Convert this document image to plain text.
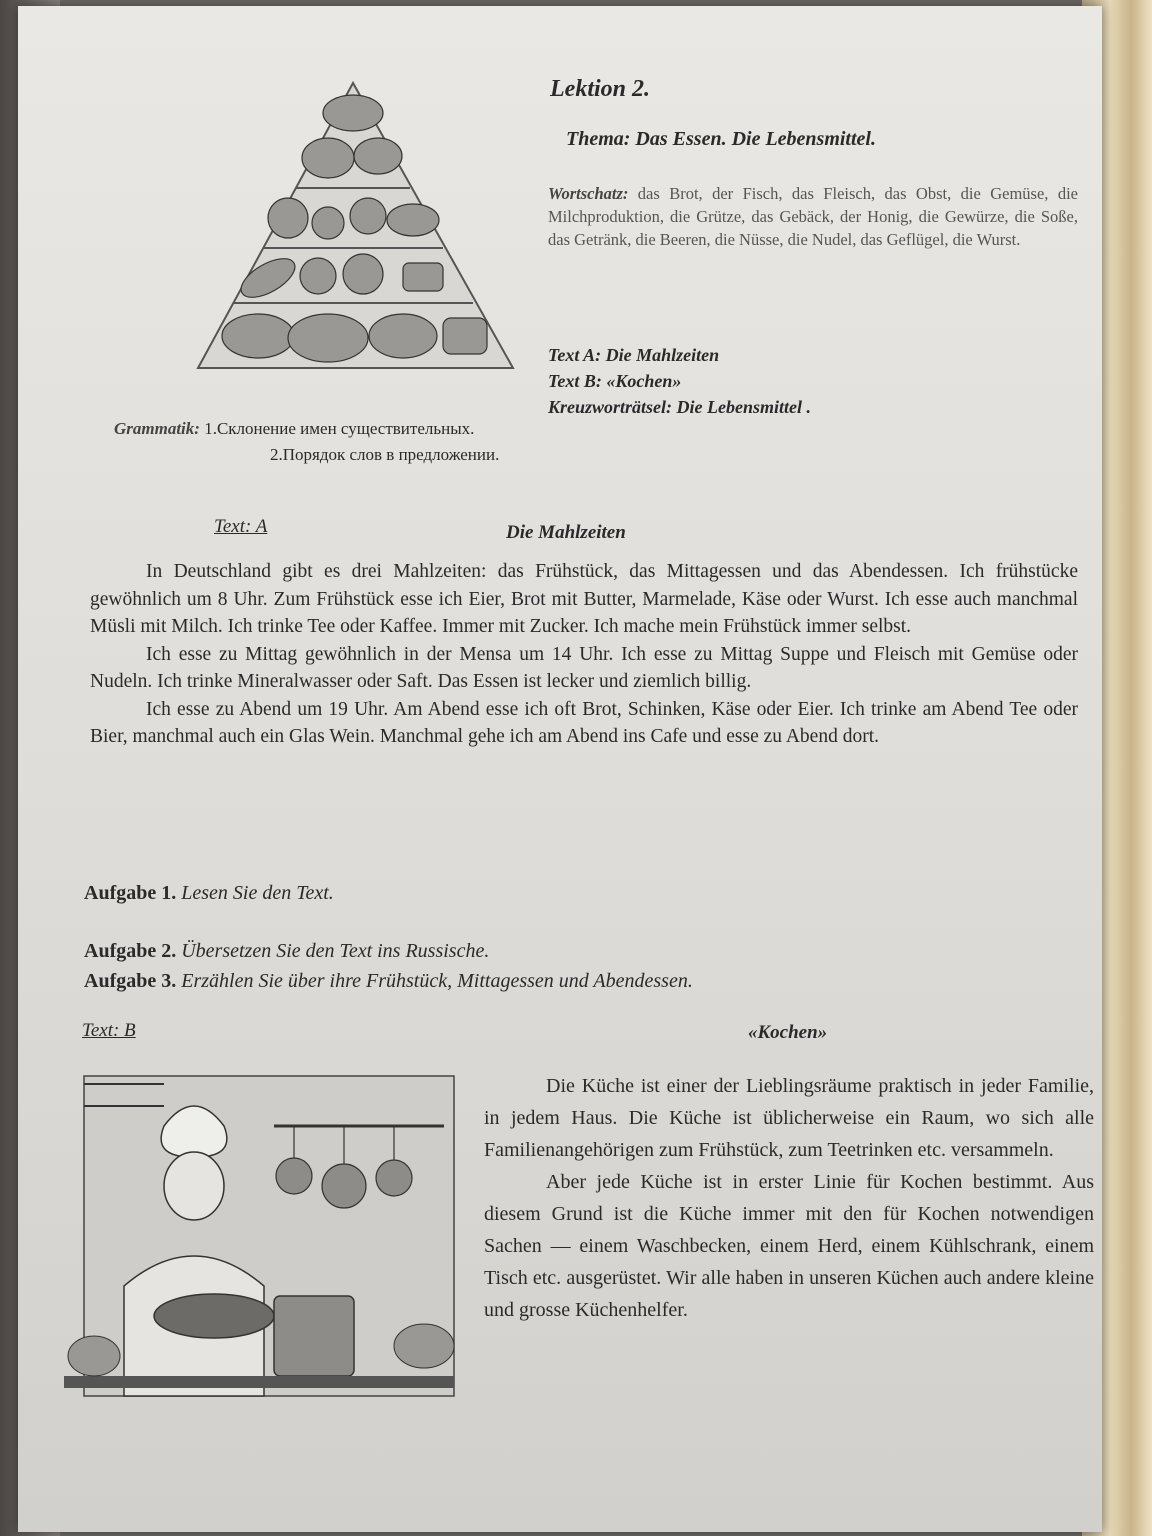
Lektion 2.
Thema: Das Essen. Die Lebensmittel.
Wortschatz: das Brot, der Fisch, das Fleisch, das Obst, die Gemüse, die Milchproduktion, die Grütze, das Gebäck, der Honig, die Gewürze, die Soße, das Getränk, die Beeren, die Nüsse, die Nudel, das Geflügel, die Wurst.
Text A: Die Mahlzeiten
Text B: «Kochen»
Kreuzworträtsel: Die Lebensmittel .
Grammatik: 1.Склонение имен существительных.
2.Порядок слов в предложении.
Text: A	Die Mahlzeiten

In Deutschland gibt es drei Mahlzeiten: das Frühstück, das Mittagessen und das Abendessen. Ich frühstücke gewöhnlich um 8 Uhr. Zum Frühstück esse ich Eier, Brot mit Butter, Marmelade, Käse oder Wurst. Ich esse auch manchmal Müsli mit Milch. Ich trinke Tee oder Kaffee. Immer mit Zucker. Ich mache mein Frühstück immer selbst.

Ich esse zu Mittag gewöhnlich in der Mensa um 14 Uhr. Ich esse zu Mittag Suppe und Fleisch mit Gemüse oder Nudeln. Ich trinke Mineralwasser oder Saft. Das Essen ist lecker und ziemlich billig.

Ich esse zu Abend um 19 Uhr. Am Abend esse ich oft Brot, Schinken, Käse oder Eier. Ich trinke am Abend Tee oder Bier, manchmal auch ein Glas Wein. Manchmal gehe ich am Abend ins Cafe und esse zu Abend dort.

Aufgabe 1. Lesen Sie den Text.
Aufgabe 2. Übersetzen Sie den Text ins Russische.
Aufgabe 3. Erzählen Sie über ihre Frühstück, Mittagessen und Abendessen.
Text: B	«Kochen»

Die Küche ist einer der Lieblingsräume praktisch in jeder Familie, in jedem Haus. Die Küche ist üblicherweise ein Raum, wo sich alle Familienangehörigen zum Frühstück, zum Teetrinken etc. versammeln.

Aber jede Küche ist in erster Linie für Kochen bestimmt. Aus diesem Grund ist die Küche immer mit den für Kochen notwendigen Sachen — einem Waschbecken, einem Herd, einem Kühlschrank, einem Tisch etc. ausgerüstet. Wir alle haben in unseren Küchen auch andere kleine und grosse Küchenhelfer.
